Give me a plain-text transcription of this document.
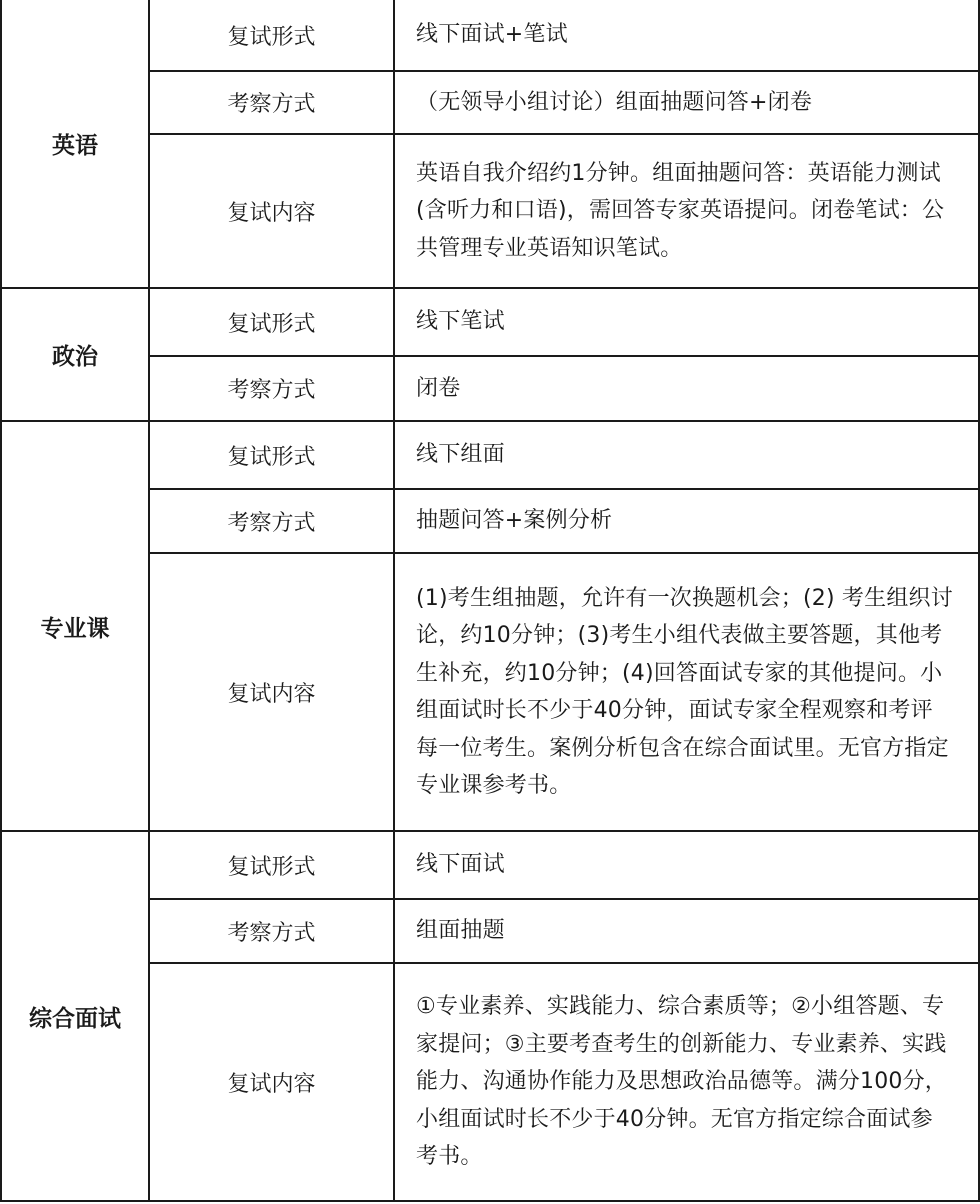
英语	复试形式	线下面试+笔试
	考察方式	（无领导小组讨论）组面抽题问答+闭卷
	复试内容	英语自我介绍约1分钟。组面抽题问答：英语能力测试(含听力和口语)，需回答专家英语提问。闭卷笔试：公共管理专业英语知识笔试。
政治	复试形式	线下笔试
	考察方式	闭卷
专业课	复试形式	线下组面
	考察方式	抽题问答+案例分析
	复试内容	(1)考生组抽题，允许有一次换题机会；(2) 考生组织讨论，约10分钟；(3)考生小组代表做主要答题，其他考生补充，约10分钟；(4)回答面试专家的其他提问。小组面试时长不少于40分钟，面试专家全程观察和考评每一位考生。案例分析包含在综合面试里。无官方指定专业课参考书。
综合面试	复试形式	线下面试
	考察方式	组面抽题
	复试内容	①专业素养、实践能力、综合素质等；②小组答题、专家提问；③主要考查考生的创新能力、专业素养、实践能力、沟通协作能力及思想政治品德等。满分100分，小组面试时长不少于40分钟。无官方指定综合面试参考书。
